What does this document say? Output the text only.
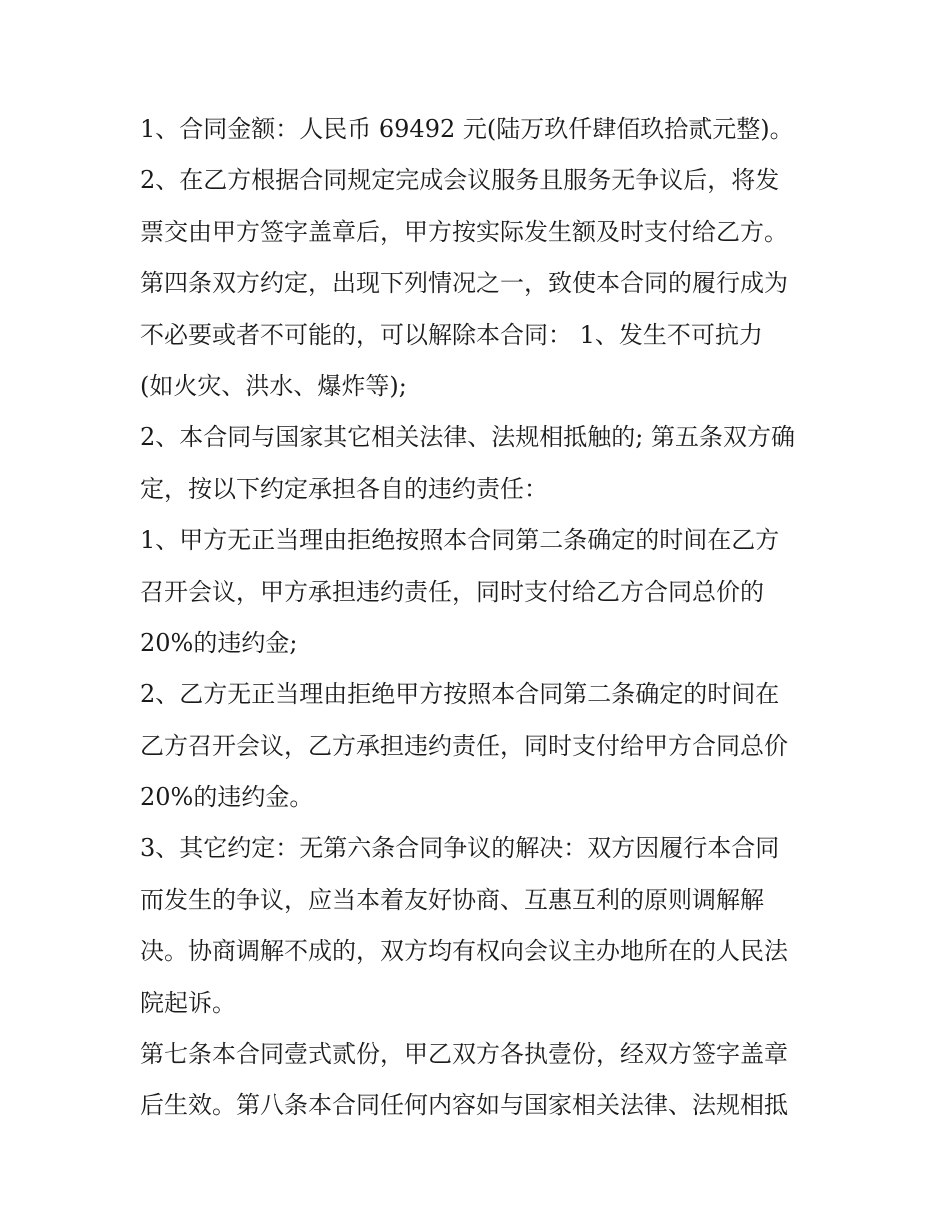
1、合同金额：人民币 69492 元(陆万玖仟肆佰玖拾贰元整)。
2、在乙方根据合同规定完成会议服务且服务无争议后，将发
票交由甲方签字盖章后，甲方按实际发生额及时支付给乙方。
第四条双方约定，出现下列情况之一，致使本合同的履行成为
不必要或者不可能的，可以解除本合同： 1、发生不可抗力
(如火灾、洪水、爆炸等);
2、本合同与国家其它相关法律、法规相抵触的; 第五条双方确
定，按以下约定承担各自的违约责任：
1、甲方无正当理由拒绝按照本合同第二条确定的时间在乙方
召开会议，甲方承担违约责任，同时支付给乙方合同总价的
20%的违约金;
2、乙方无正当理由拒绝甲方按照本合同第二条确定的时间在
乙方召开会议，乙方承担违约责任，同时支付给甲方合同总价
20%的违约金。
3、其它约定：无第六条合同争议的解决：双方因履行本合同
而发生的争议，应当本着友好协商、互惠互利的原则调解解
决。协商调解不成的，双方均有权向会议主办地所在的人民法
院起诉。
第七条本合同壹式贰份，甲乙双方各执壹份，经双方签字盖章
后生效。第八条本合同任何内容如与国家相关法律、法规相抵
